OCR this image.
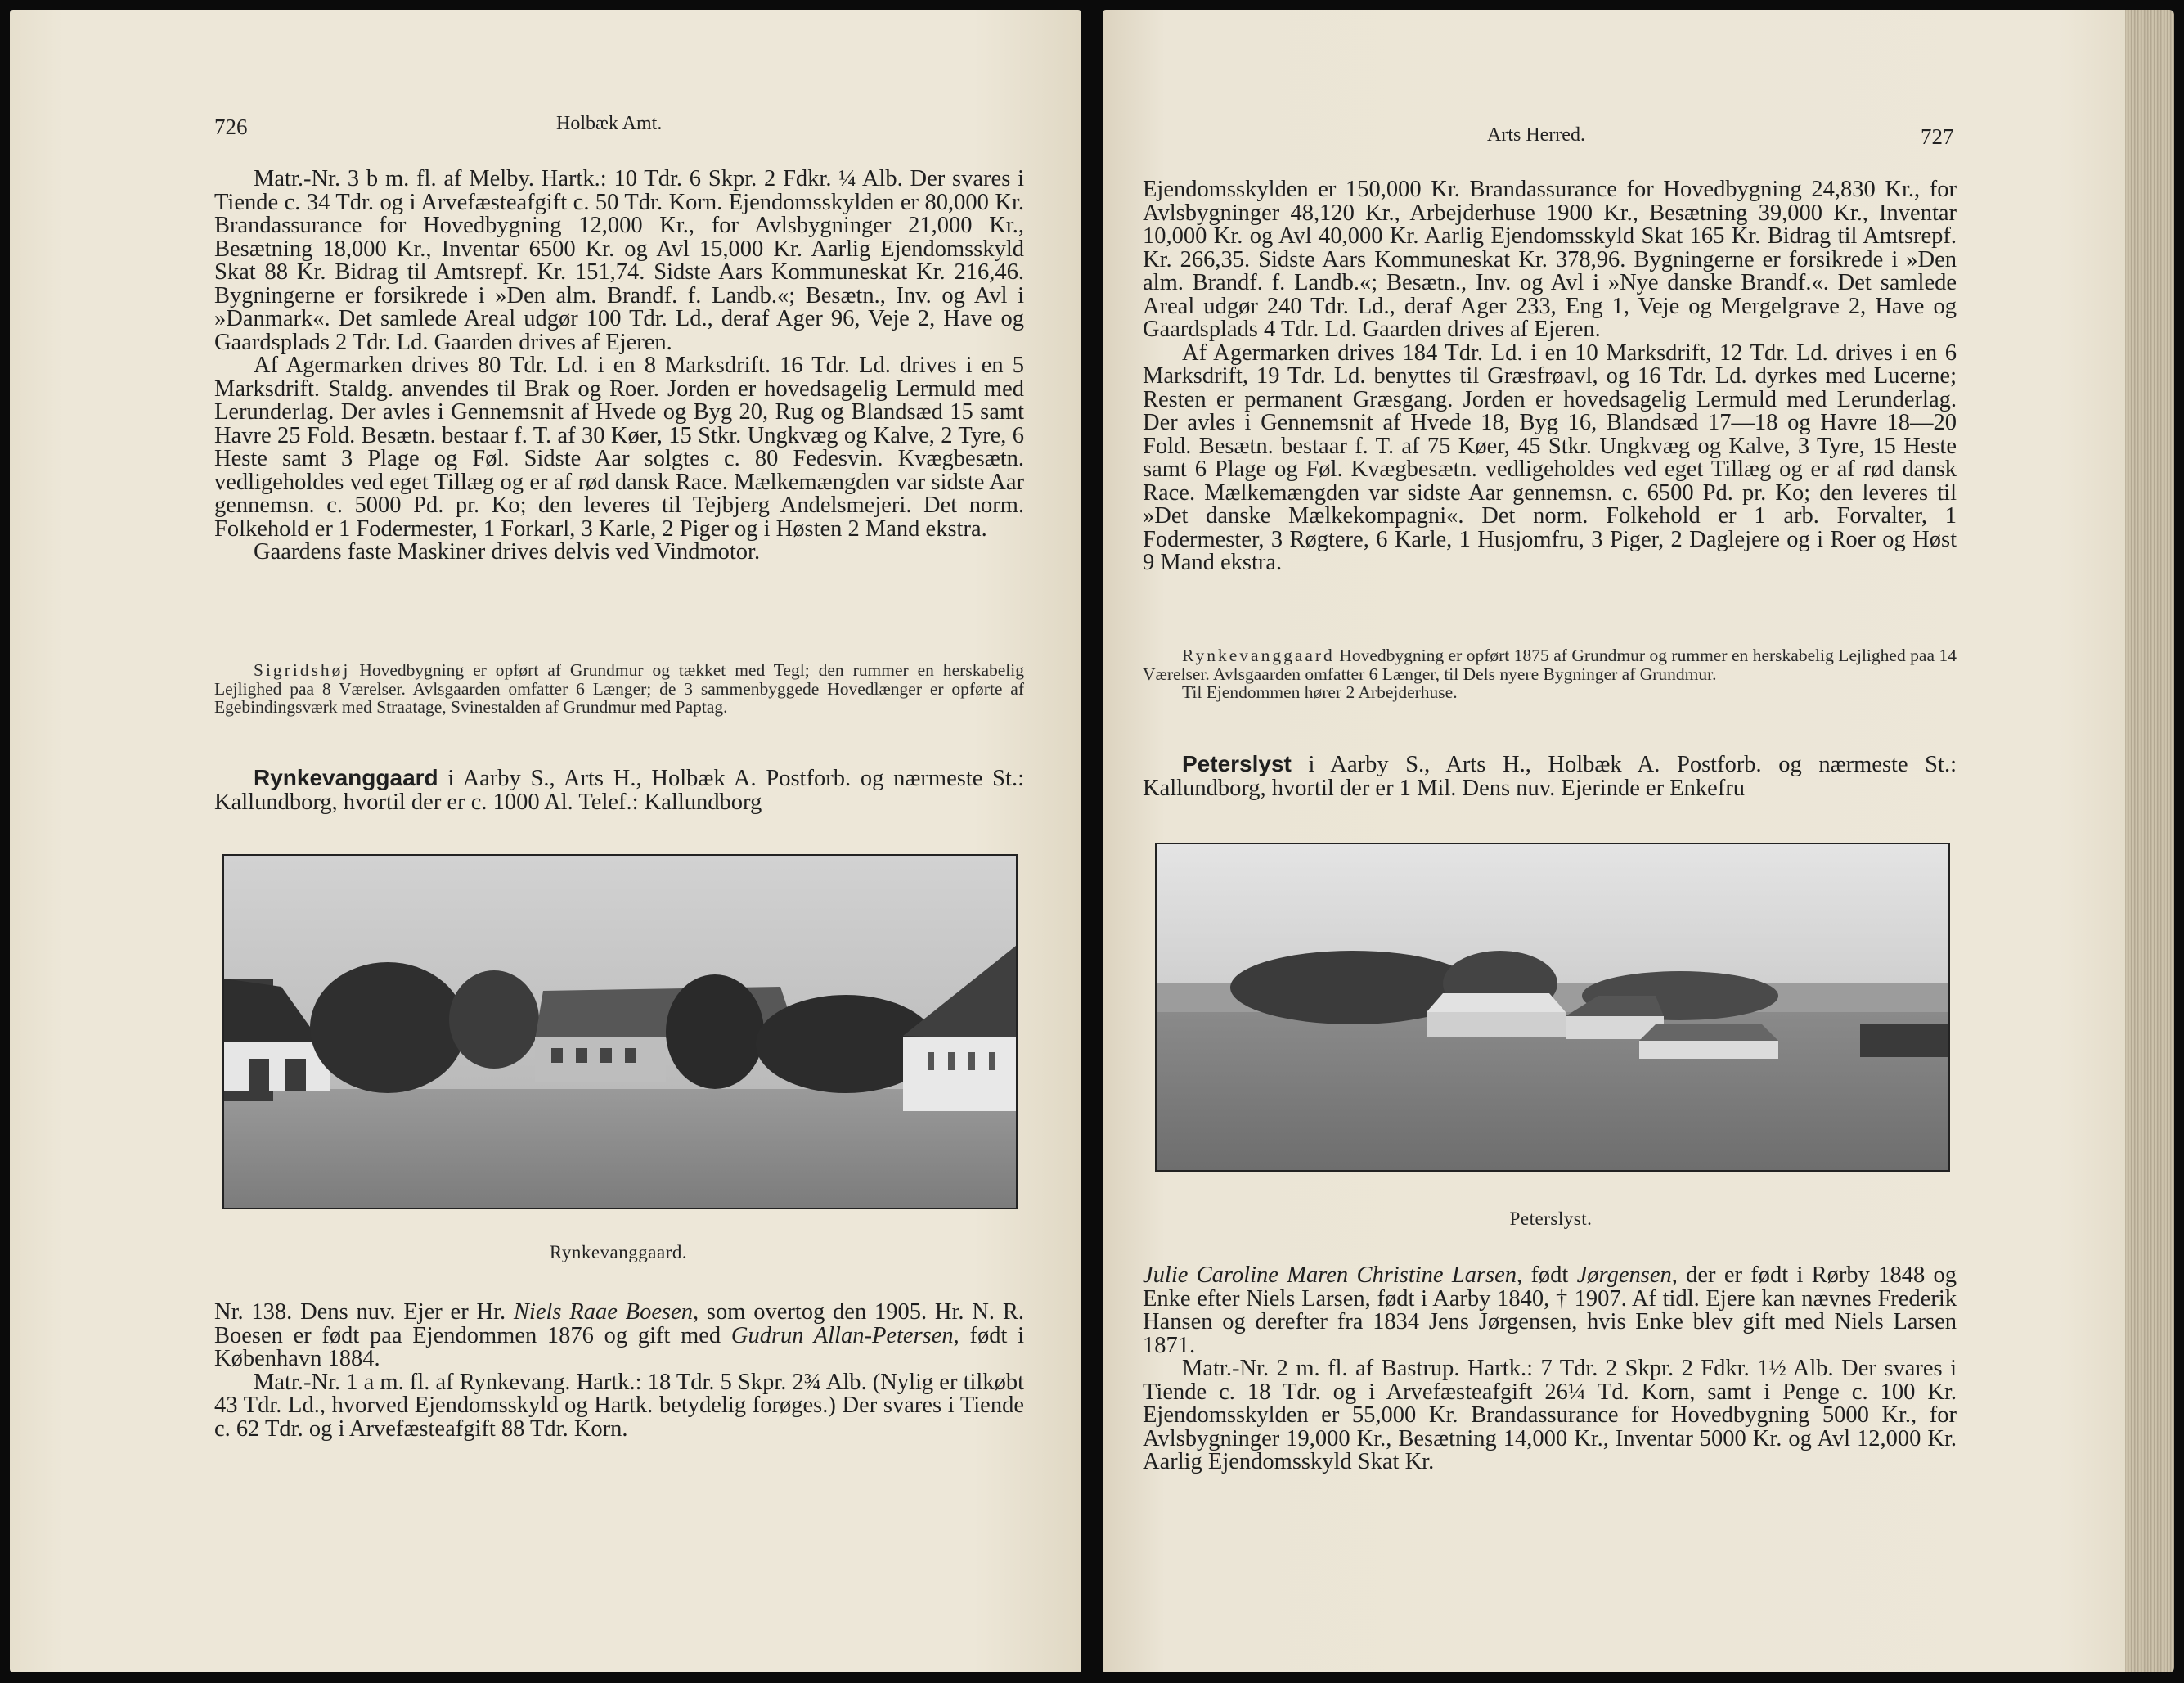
726	Holbæk Amt.

Matr.-Nr. 3 b m. fl. af Melby. Hartk.: 10 Tdr. 6 Skpr. 2 Fdkr. ¼ Alb. Der svares i Tiende c. 34 Tdr. og i Arvefæsteafgift c. 50 Tdr. Korn. Ejendomsskylden er 80,000 Kr. Brandassurance for Hovedbygning 12,000 Kr., for Avlsbygninger 21,000 Kr., Besætning 18,000 Kr., Inventar 6500 Kr. og Avl 15,000 Kr. Aarlig Ejendomsskyld Skat 88 Kr. Bidrag til Amtsrepf. Kr. 151,74. Sidste Aars Kommuneskat Kr. 216,46. Bygningerne er forsikrede i »Den alm. Brandf. f. Landb.«; Besætn., Inv. og Avl i »Danmark«. Det samlede Areal udgør 100 Tdr. Ld., deraf Ager 96, Veje 2, Have og Gaardsplads 2 Tdr. Ld. Gaarden drives af Ejeren.

Af Agermarken drives 80 Tdr. Ld. i en 8 Marksdrift. 16 Tdr. Ld. drives i en 5 Marksdrift. Staldg. anvendes til Brak og Roer. Jorden er hovedsagelig Lermuld med Lerunderlag. Der avles i Gennemsnit af Hvede og Byg 20, Rug og Blandsæd 15 samt Havre 25 Fold. Besætn. bestaar f. T. af 30 Køer, 15 Stkr. Ungkvæg og Kalve, 2 Tyre, 6 Heste samt 3 Plage og Føl. Sidste Aar solgtes c. 80 Fedesvin. Kvægbesætn. vedligeholdes ved eget Tillæg og er af rød dansk Race. Mælkemængden var sidste Aar gennemsn. c. 5000 Pd. pr. Ko; den leveres til Tejbjerg Andelsmejeri. Det norm. Folkehold er 1 Fodermester, 1 Forkarl, 3 Karle, 2 Piger og i Høsten 2 Mand ekstra.

Gaardens faste Maskiner drives delvis ved Vindmotor.

Sigridshøj Hovedbygning er opført af Grundmur og tækket med Tegl; den rummer en herskabelig Lejlighed paa 8 Værelser. Avlsgaarden omfatter 6 Længer; de 3 sammenbyggede Hovedlænger er opførte af Egebindingsværk med Straatage, Svinestalden af Grundmur med Paptag.

Rynkevanggaard i Aarby S., Arts H., Holbæk A. Postforb. og nærmeste St.: Kallundborg, hvortil der er c. 1000 Al. Telef.: Kallundborg

Rynkevanggaard.

Nr. 138. Dens nuv. Ejer er Hr. Niels Raae Boesen, som overtog den 1905. Hr. N. R. Boesen er født paa Ejendommen 1876 og gift med Gudrun Allan-Petersen, født i København 1884.

Matr.-Nr. 1 a m. fl. af Rynkevang. Hartk.: 18 Tdr. 5 Skpr. 2¾ Alb. (Nylig er tilkøbt 43 Tdr. Ld., hvorved Ejendomsskyld og Hartk. betydelig forøges.) Der svares i Tiende c. 62 Tdr. og i Arvefæsteafgift 88 Tdr. Korn.

Arts Herred.	727

Ejendomsskylden er 150,000 Kr. Brandassurance for Hovedbygning 24,830 Kr., for Avlsbygninger 48,120 Kr., Arbejderhuse 1900 Kr., Besætning 39,000 Kr., Inventar 10,000 Kr. og Avl 40,000 Kr. Aarlig Ejendomsskyld Skat 165 Kr. Bidrag til Amtsrepf. Kr. 266,35. Sidste Aars Kommuneskat Kr. 378,96. Bygningerne er forsikrede i »Den alm. Brandf. f. Landb.«; Besætn., Inv. og Avl i »Nye danske Brandf.«. Det samlede Areal udgør 240 Tdr. Ld., deraf Ager 233, Eng 1, Veje og Mergelgrave 2, Have og Gaardsplads 4 Tdr. Ld. Gaarden drives af Ejeren.

Af Agermarken drives 184 Tdr. Ld. i en 10 Marksdrift, 12 Tdr. Ld. drives i en 6 Marksdrift, 19 Tdr. Ld. benyttes til Græsfrøavl, og 16 Tdr. Ld. dyrkes med Lucerne; Resten er permanent Græsgang. Jorden er hovedsagelig Lermuld med Lerunderlag. Der avles i Gennemsnit af Hvede 18, Byg 16, Blandsæd 17—18 og Havre 18—20 Fold. Besætn. bestaar f. T. af 75 Køer, 45 Stkr. Ungkvæg og Kalve, 3 Tyre, 15 Heste samt 6 Plage og Føl. Kvægbesætn. vedligeholdes ved eget Tillæg og er af rød dansk Race. Mælkemængden var sidste Aar gennemsn. c. 6500 Pd. pr. Ko; den leveres til »Det danske Mælkekompagni«. Det norm. Folkehold er 1 arb. Forvalter, 1 Fodermester, 3 Røgtere, 6 Karle, 1 Husjomfru, 3 Piger, 2 Daglejere og i Roer og Høst 9 Mand ekstra.

Rynkevanggaard Hovedbygning er opført 1875 af Grundmur og rummer en herskabelig Lejlighed paa 14 Værelser. Avlsgaarden omfatter 6 Længer, til Dels nyere Bygninger af Grundmur.

Til Ejendommen hører 2 Arbejderhuse.

Peterslyst i Aarby S., Arts H., Holbæk A. Postforb. og nærmeste St.: Kallundborg, hvortil der er 1 Mil. Dens nuv. Ejerinde er Enkefru

Peterslyst.

Julie Caroline Maren Christine Larsen, født Jørgensen, der er født i Rørby 1848 og Enke efter Niels Larsen, født i Aarby 1840, † 1907. Af tidl. Ejere kan nævnes Frederik Hansen og derefter fra 1834 Jens Jørgensen, hvis Enke blev gift med Niels Larsen 1871.

Matr.-Nr. 2 m. fl. af Bastrup. Hartk.: 7 Tdr. 2 Skpr. 2 Fdkr. 1½ Alb. Der svares i Tiende c. 18 Tdr. og i Arvefæsteafgift 26¼ Td. Korn, samt i Penge c. 100 Kr. Ejendomsskylden er 55,000 Kr. Brandassurance for Hovedbygning 5000 Kr., for Avlsbygninger 19,000 Kr., Besætning 14,000 Kr., Inventar 5000 Kr. og Avl 12,000 Kr. Aarlig Ejendomsskyld Skat Kr.
